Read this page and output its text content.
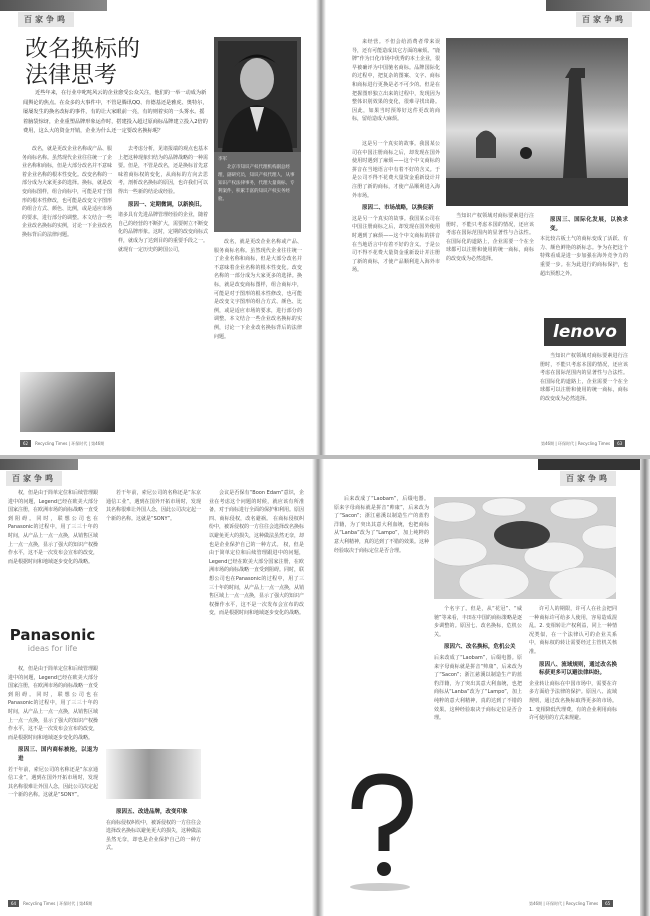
百家争鸣
改名换标的
法律思考

近些年来，在行业中叱咤风云的企业愈受公众关注，他们的一举一动成为新闻舆论的焦点。在众多的大事件中，不管是腾讯QQ、肯德基还是雅虎、奥特尔，屡屡发生的换名改标的事件，有的让大家眼前一亮，有的则着实的一头雾水。摇着脑袋惊讶，企业重塑品牌形象运作时，搭建投入超过原商标品牌建立投入2倍的费用，这么大的资金开销，企业为什么还一定要改名换标呢？

李军
北京市知识产权代理机构副总经理，副研究员，知识产权代理人，从事知识产权法律事务，代理大量商标、专利案件，积累丰富的知识产权实务经验。
改名，就是更改企业名称或产品、服务商标名称。虽然现代企业往往统一了企业名称和商标，但是大部分改名并不意味着企业名称的根本性变化。改变名称的一部分成为大家更多的选择。换标，就是改变商标图样，组合商标中，可能是对于图形的根本性修改，也可能是改变文字图形的组合方式、颜色、比例，或是适应市场的要求，进行部分的调整。本文结合一些企业改名换标的实例，讨论一下企业改名换标背后的法律问题。
去考虑分析，见诸报端的观点也基本上把这种现象归结为的品牌战略的一种需要。但是，不管是改名，还是换标首先意味着商标权的变化，从商标的方向去思考，剖析改名换标的原因，也许我们可以得出一些新的结论或经验。
原因一、定期微调，以新换旧。
诸多具有先进品牌管理经验的企业，随着自己的经营的不断扩大，需要树立不断变化的品牌形象。这时，定期的改变商标式样，就成为了达到目的的重要手段之一。就现有一定历史的跨国公司，
改名，就是更改企业名称或产品、服务商标名称。虽然现代企业往往统一了企业名称和商标，但是大部分改名并不意味着企业名称的根本性变化。改变名称的一部分成为大家更多的选择。换标，就是改变商标图样，组合商标中，可能是对于图形的根本性修改，也可能是改变文字图形的组合方式、颜色、比例，或是适应市场的要求，进行部分的调整。本文结合一些企业改名换标的实例，讨论一下企业改名换标背后的法律问题。
62	Recycling Times | 环保时代 | 第46期
百家争鸣
来经营。不但会给消费者带来误导，还有可能造成其它方面的麻烦。“鹿牌”作为日化市场中优秀的本土企业，很早被确评为中国驰名商标。品牌国际化的过程中，把复杂的图案、文字、商标和商标进行更换是必不可少的。但是在把握图形独立出来的过程中，发现因为整体识别效果的变化，很难寻找出路。因此，如果当时预筹好这件更改的商标，留给造成大麻烦。
这是另一个真实的故事。我国某公司在中国注册商标之后，却发现在国外使用时遇到了麻烦——这个中文商标的拼音在当地语言中有着不好的含义。于是公司不得不花费大量资金重新设计并注册了新的商标，才使产品顺利进入海外市场。
原因二、市场战略，以换促新
这是另一个真实的故事。我国某公司在中国注册商标之后，却发现在国外使用时遇到了麻烦——这个中文商标的拼音在当地语言中有着不好的含义。于是公司不得不花费大量资金重新设计并注册了新的商标，才使产品顺利进入海外市场。
当知识产权领域对商标要素进行注册时，不能只考虑本国的情况，还应该考虑在国际范围内的显著性与合法性。在国际化的道路上，企业需要一个在全球都可以注册和使用的统一商标，商标的改变成为必然选择。
原因三、国际化发展，以换求变。
本比较古板土气的商标变成了活跃、有力、颇色鲜艳的新标志。争为在把这个特殊看成是进一步加强在海外竞争力的重要一步。在为此进行的商标保护，也超出预想之外。
lenovo
当知识产权领域对商标要素进行注册时，不能只考虑本国的情况，还应该考虑在国际范围内的显著性与合法性。在国际化的道路上，企业需要一个在全球都可以注册和使用的统一商标，商标的改变成为必然选择。
第46期 | 环保时代 | Recycling Times	63
百家争鸣
权，但是由于简单定位和后续管理跟进中的问题，Legend已经在欧美大部分国家注册，在欧洲市场的商标战略一直受到阻碍。同时，联想公司也在Panasonic的过程中，用了三三十年的时间，从产品上一点一点换，从销售区域上一点一点换，显示了强大的知识产权操作水平，这不是一次发布会宣布的改变，而是根据时间和地域逐步变化的战略。
Panasonic
ideas for life
权，但是由于简单定位和后续管理跟进中的问题，Legend已经在欧美大部分国家注册，在欧洲市场的商标战略一直受到阻碍。同时，联想公司也在Panasonic的过程中，用了三三十年的时间，从产品上一点一点换，从销售区域上一点一点换，显示了强大的知识产权操作水平，这不是一次发布会宣布的改变，而是根据时间和地域逐步变化的战略。
原因三、国内商标被抢，以退为进
若干年前，索尼公司的名称还是“东京通信工业”，遇到在国外开拓市场时，发现其名称很难让外国人念，因此公司决定起一个新的名称。这就是“SONY”。
若干年前，索尼公司的名称还是“东京通信工业”，遇到在国外开拓市场时，发现其名称很难让外国人念，因此公司决定起一个新的名称。这就是“SONY”。
原因五、改进品牌，改变印象
在商标侵权纠纷中，被诉侵权的一方往往会选择改名换标以避免更大的损失，这种做法虽然无奈，却也是企业保护自己的一种方式。
会议是否保有“Boon Edam”意识，企业在考虑这个问题的时候，就应该有所准备，对于商标进行全面的保护和利用。原因四、商标侵权，改名避祸。 在商标侵权纠纷中，被诉侵权的一方往往会选择改名换标以避免更大的损失，这种做法虽然无奈，却也是企业保护自己的一种方式。 权，但是由于简单定位和后续管理跟进中的问题，Legend已经在欧美大部分国家注册，在欧洲市场的商标战略一直受到阻碍。同时，联想公司也在Panasonic的过程中，用了三三十年的时间，从产品上一点一点换，从销售区域上一点一点换，显示了强大的知识产权操作水平，这不是一次发布会宣布的改变，而是根据时间和地域逐步变化的战略。
64	Recycling Times | 环保时代 | 第46期
百家争鸣
后来改成了“Laobam”，后缀电器。原来字母商标就是拼音“帅康”，后来改为了“Sacon”；浙江慈溪以制造生产的蓝豹洋籍，为了突出其意大利血统，也把商标从“Lanba”改为了“Lampo”，加上纯粹的意大利精神，真的达到了不错的效果。这种经验取决于商标定位是否合理。
个名字了。但是，从“花冠”、“威驰”等来看，丰田在中国的商标策略是逐步调整的。原因七、改名换标，危机公关。
原因六、改名换标，危机公关
后来改成了“Laobam”，后缀电器。原来字母商标就是拼音“帅康”，后来改为了“Sacon”；浙江慈溪以制造生产的蓝豹洋籍，为了突出其意大利血统，也把商标从“Lanba”改为了“Lampo”，加上纯粹的意大利精神，真的达到了不错的效果。这种经验取决于商标定位是否合理。
许可人的期限，许可人在社会把同一种商标许可给多人使用，容易造成混乱。2. 变相转让产权利益，同上一种情况类似，在一个法律认可的企业关系中，商标权的转让需要经过主管机关核准。
原因八、流域规则，通过改名换标获更多可以避法律纠纷。
企业转让商标在中国市场中，需要在许多方面给予法律的保护。原因八、流域规则，通过改名换标取得更多的市场。1. 变相降低代理费，有的企业利用商标许可使用的方式来规避。
第46期 | 环保时代 | Recycling Times	65
